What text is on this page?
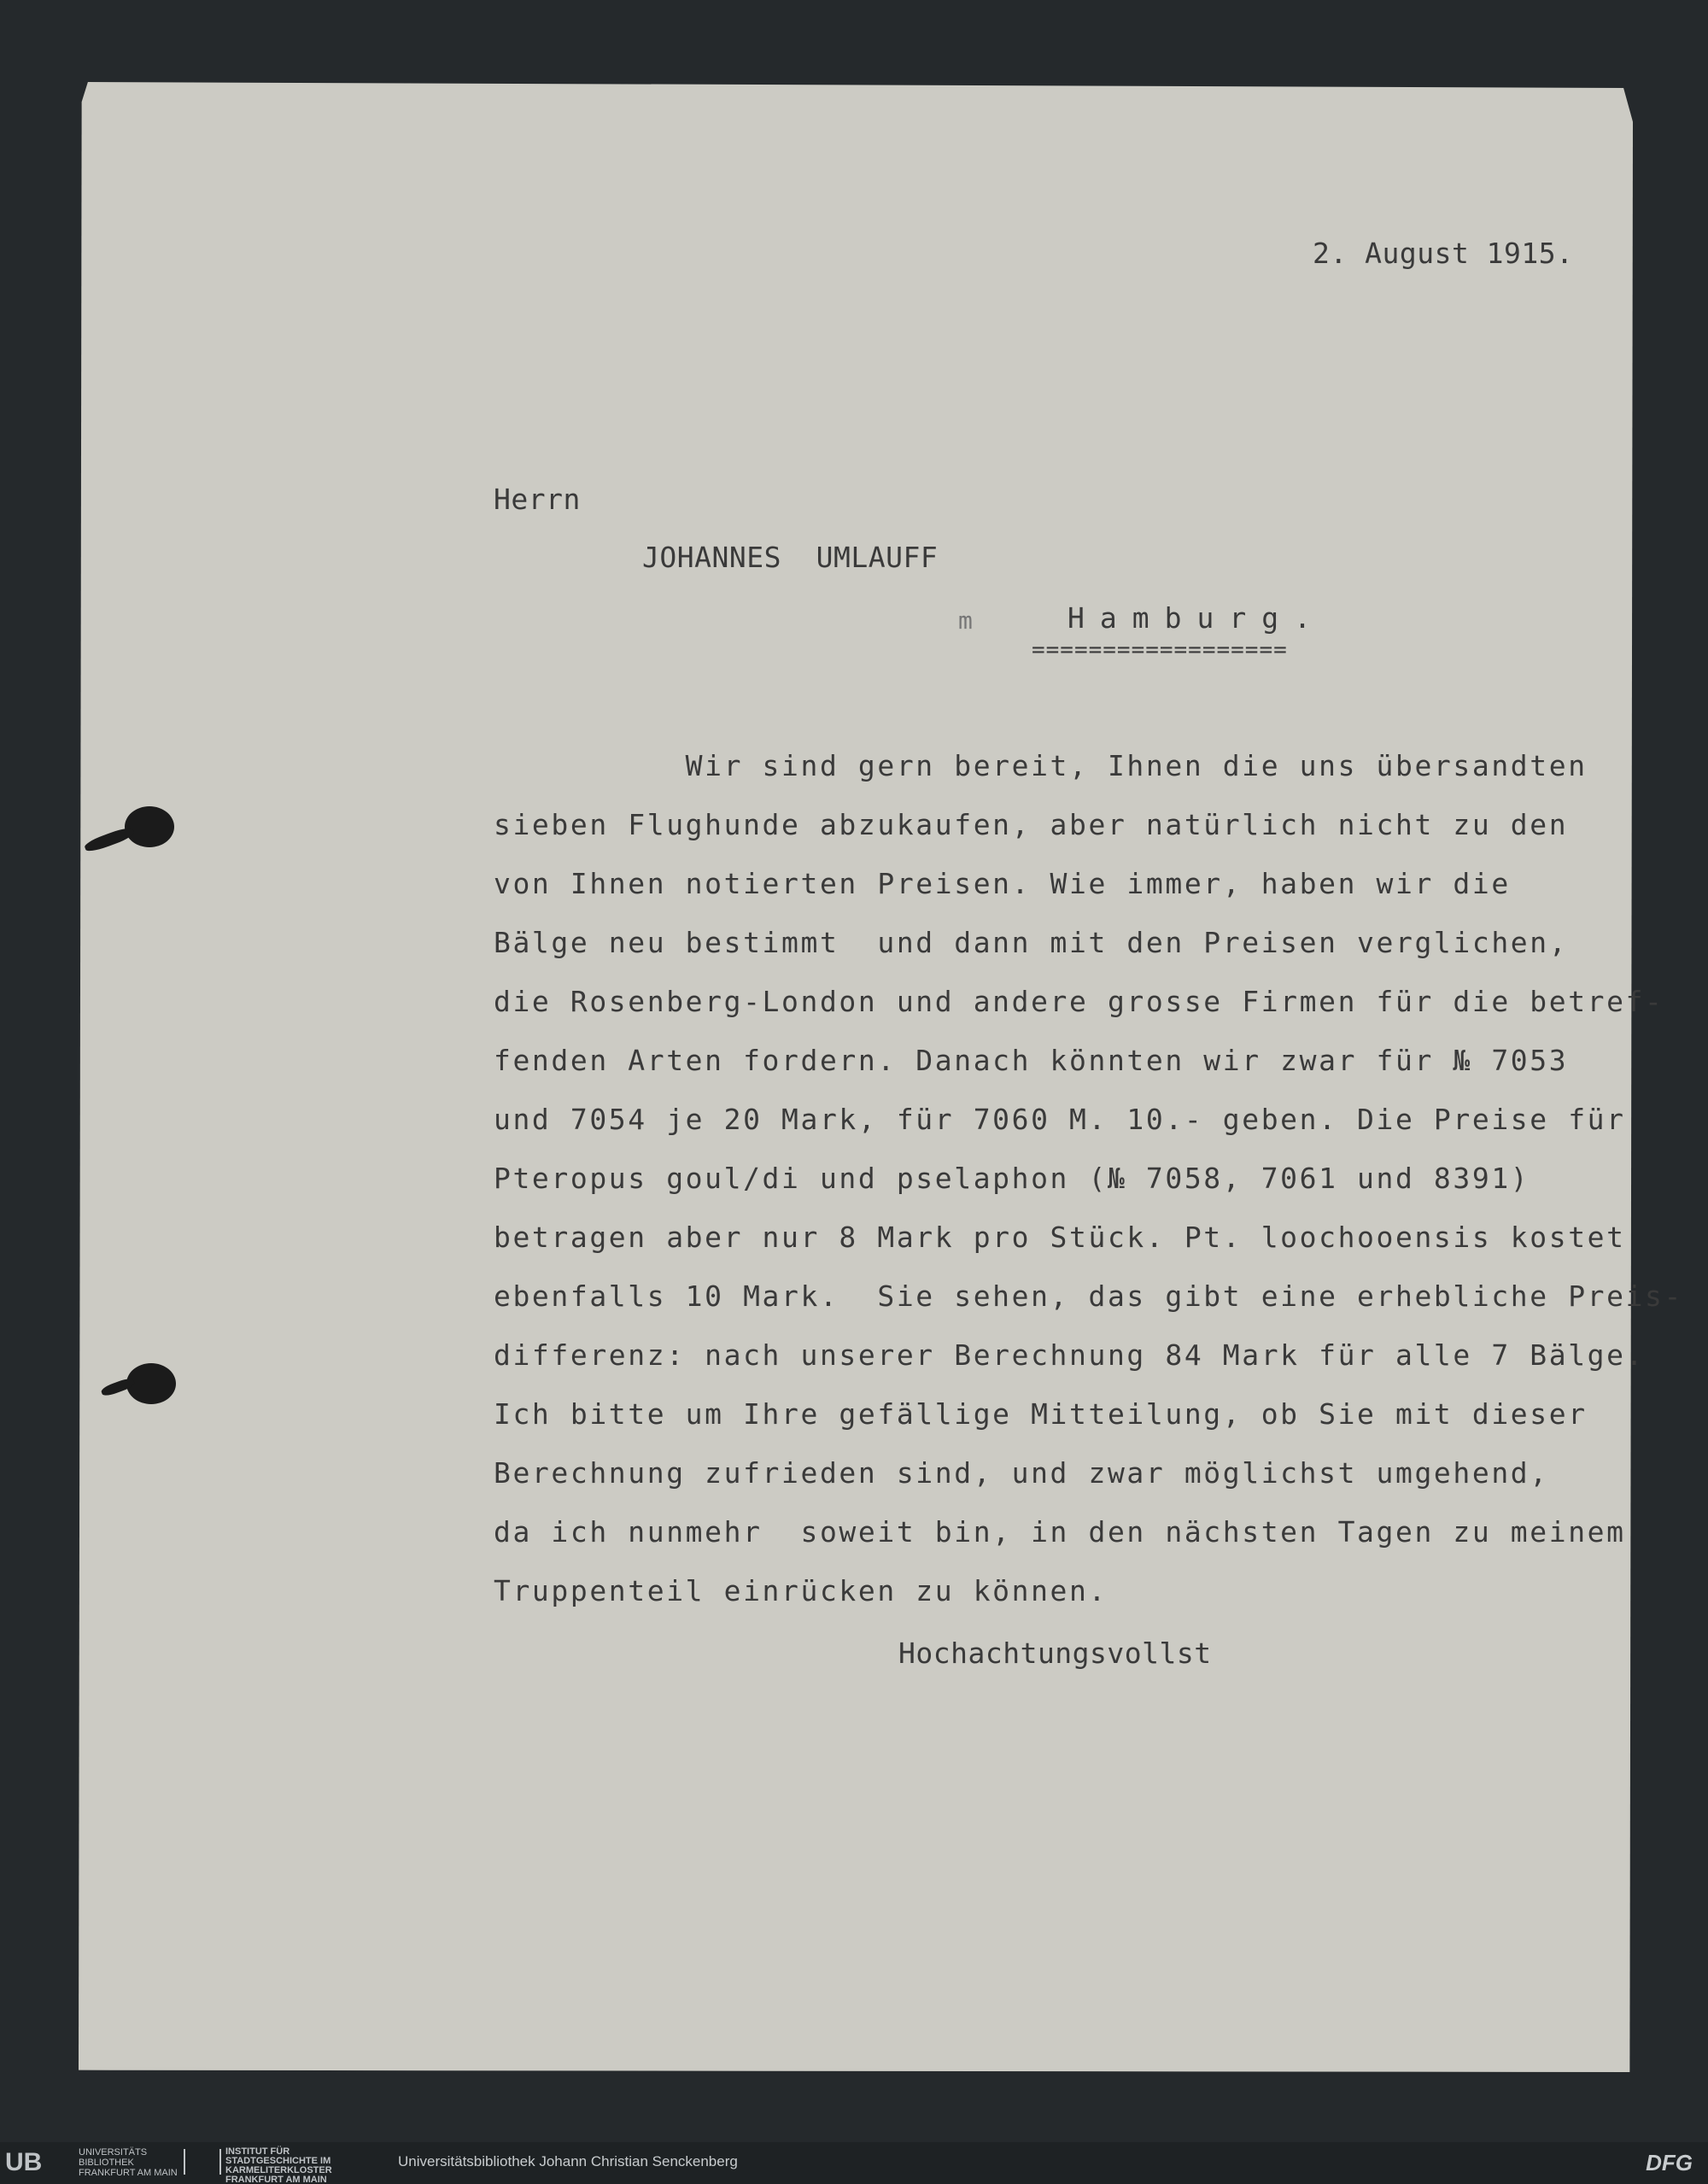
2. August 1915.
Herrn
JOHANNES  UMLAUFF
m	Hamburg.
==================
Wir sind gern bereit, Ihnen die uns übersandten
sieben Flughunde abzukaufen, aber natürlich nicht zu den
von Ihnen notierten Preisen. Wie immer, haben wir die
Bälge neu bestimmt  und dann mit den Preisen verglichen,
die Rosenberg-London und andere grosse Firmen für die betref-
fenden Arten fordern. Danach könnten wir zwar für № 7053
und 7054 je 20 Mark, für 7060 M. 10.- geben. Die Preise für
Pteropus goul/di und pselaphon (№ 7058, 7061 und 8391)
betragen aber nur 8 Mark pro Stück. Pt. loochooensis kostet
ebenfalls 10 Mark.  Sie sehen, das gibt eine erhebliche Preis-
differenz: nach unserer Berechnung 84 Mark für alle 7 Bälge.
Ich bitte um Ihre gefällige Mitteilung, ob Sie mit dieser
Berechnung zufrieden sind, und zwar möglichst umgehend,
da ich nunmehr  soweit bin, in den nächsten Tagen zu meinem
Truppenteil einrücken zu können.
Hochachtungsvollst
UB	UNIVERSITÄTS BIBLIOTHEK FRANKFURT AM MAIN
INSTITUT FÜR STADTGESCHICHTE IM KARMELITERKLOSTER FRANKFURT AM MAIN
Universitätsbibliothek Johann Christian Senckenberg	DFG
